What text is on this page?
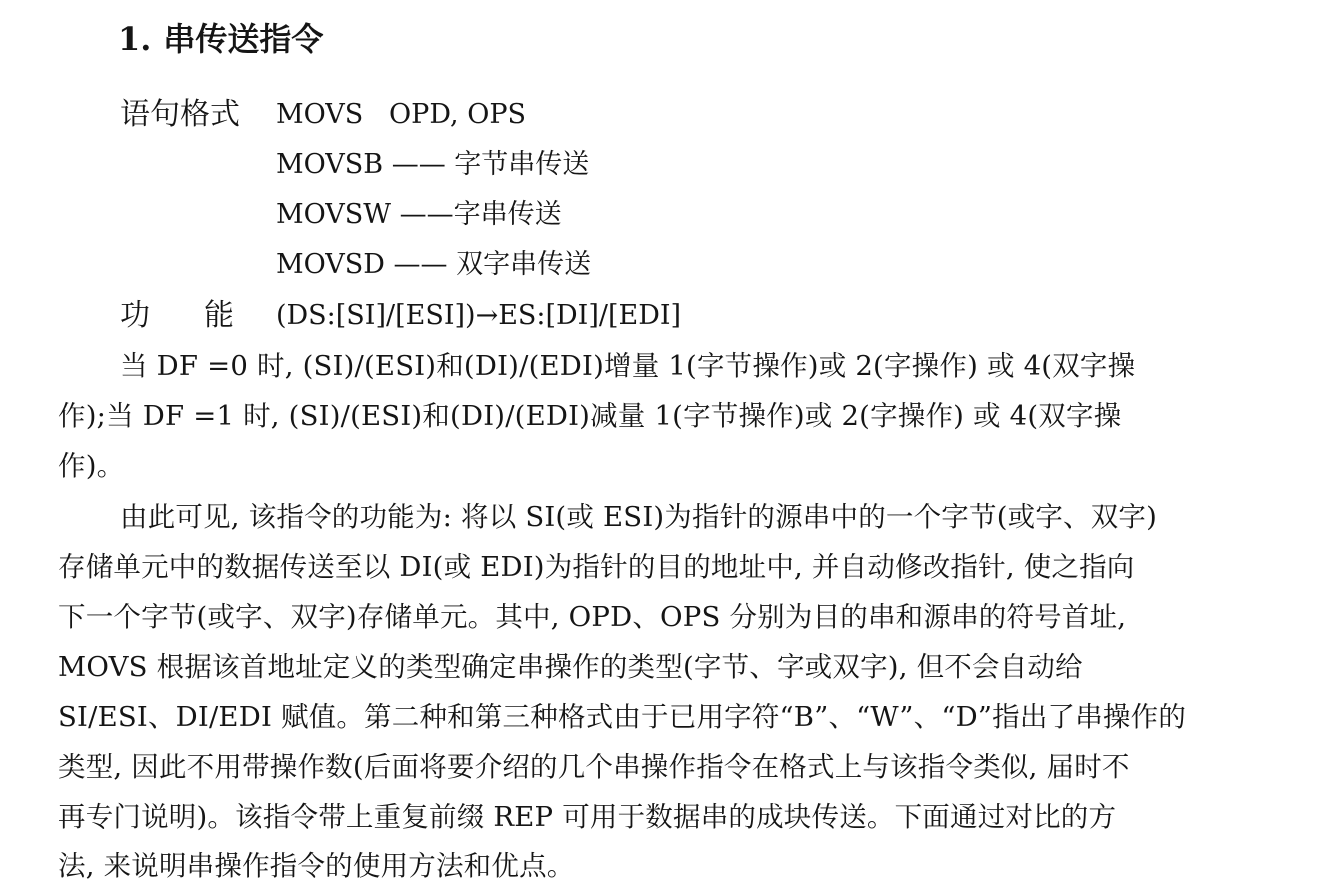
1. 串传送指令
语句格式 MOVS   OPD, OPS
MOVSB —— 字节串传送
MOVSW ——字串传送
MOVSD —— 双字串传送
功 能 (DS:[SI]/[ESI])→ES:[DI]/[EDI]
当 DF =0 时, (SI)/(ESI)和(DI)/(EDI)增量 1(字节操作)或 2(字操作) 或 4(双字操
作);当 DF =1 时, (SI)/(ESI)和(DI)/(EDI)减量 1(字节操作)或 2(字操作) 或 4(双字操
作)。
由此可见, 该指令的功能为: 将以 SI(或 ESI)为指针的源串中的一个字节(或字、双字)
存储单元中的数据传送至以 DI(或 EDI)为指针的目的地址中, 并自动修改指针, 使之指向
下一个字节(或字、双字)存储单元。其中, OPD、OPS 分别为目的串和源串的符号首址,
MOVS 根据该首地址定义的类型确定串操作的类型(字节、字或双字), 但不会自动给
SI/ESI、DI/EDI 赋值。第二种和第三种格式由于已用字符“B”、“W”、“D”指出了串操作的
类型, 因此不用带操作数(后面将要介绍的几个串操作指令在格式上与该指令类似, 届时不
再专门说明)。该指令带上重复前缀 REP 可用于数据串的成块传送。下面通过对比的方
法, 来说明串操作指令的使用方法和优点。
